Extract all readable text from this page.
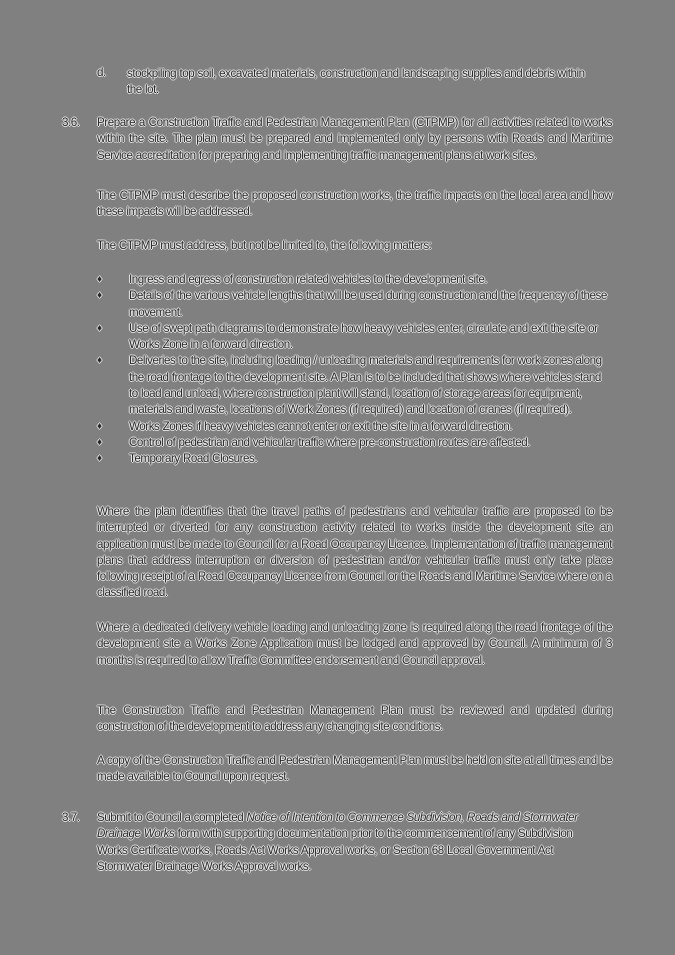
d. stockpiling top soil, excavated materials, construction and landscaping supplies and debris within the lot.
3.6. Prepare a Construction Traffic and Pedestrian Management Plan (CTPMP) for all activities related to works within the site. The plan must be prepared and implemented only by persons with Roads and Maritime Service accreditation for preparing and implementing traffic management plans at work sites.
The CTPMP must describe the proposed construction works, the traffic impacts on the local area and how these impacts will be addressed.
The CTPMP must address, but not be limited to, the following matters:
♦ Ingress and egress of construction related vehicles to the development site.
♦ Details of the various vehicle lengths that will be used during construction and the frequency of these movement.
♦ Use of swept path diagrams to demonstrate how heavy vehicles enter, circulate and exit the site or Works Zone in a forward direction.
♦ Deliveries to the site, including loading / unloading materials and requirements for work zones along the road frontage to the development site. A Plan is to be included that shows where vehicles stand to load and unload, where construction plant will stand, location of storage areas for equipment, materials and waste, locations of Work Zones (if required) and location of cranes (if required).
♦ Works Zones if heavy vehicles cannot enter or exit the site in a forward direction.
♦ Control of pedestrian and vehicular traffic where pre-construction routes are affected.
♦ Temporary Road Closures.
Where the plan identifies that the travel paths of pedestrians and vehicular traffic are proposed to be interrupted or diverted for any construction activity related to works inside the development site an application must be made to Council for a Road Occupancy Licence. Implementation of traffic management plans that address interruption or diversion of pedestrian and/or vehicular traffic must only take place following receipt of a Road Occupancy Licence from Council or the Roads and Maritime Service where on a classified road.
Where a dedicated delivery vehicle loading and unloading zone is required along the road frontage of the development site a Works Zone Application must be lodged and approved by Council. A minimum of 3 months is required to allow Traffic Committee endorsement and Council approval.
The Construction Traffic and Pedestrian Management Plan must be reviewed and updated during construction of the development to address any changing site conditions.
A copy of the Construction Traffic and Pedestrian Management Plan must be held on site at all times and be made available to Council upon request.
3.7. Submit to Council a completed Notice of Intention to Commence Subdivision, Roads and Stormwater Drainage Works form with supporting documentation prior to the commencement of any Subdivision Works Certificate works, Roads Act Works Approval works, or Section 68 Local Government Act Stormwater Drainage Works Approval works.
